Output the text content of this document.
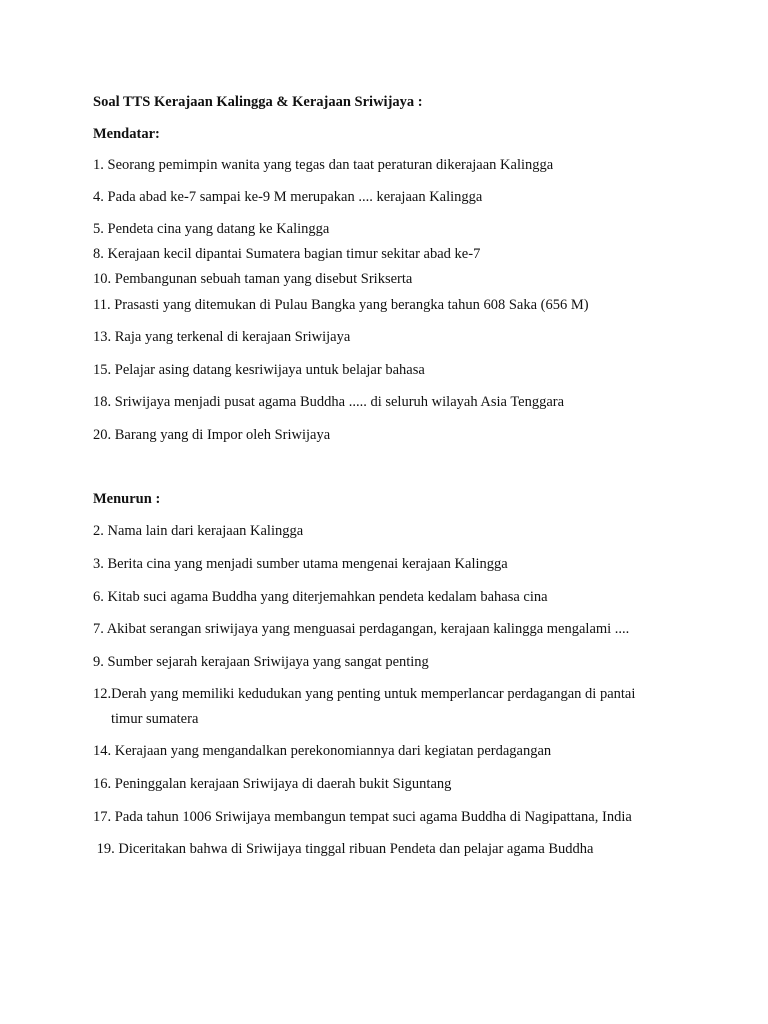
Soal TTS Kerajaan Kalingga & Kerajaan Sriwijaya :
Mendatar:
1. Seorang pemimpin wanita yang tegas dan taat peraturan dikerajaan Kalingga
4. Pada abad ke-7 sampai ke-9 M merupakan .... kerajaan Kalingga
5. Pendeta cina yang datang ke Kalingga
8. Kerajaan kecil dipantai Sumatera bagian timur sekitar abad ke-7
10. Pembangunan sebuah taman yang disebut Srikserta
11. Prasasti yang ditemukan di Pulau Bangka yang berangka tahun 608 Saka (656 M)
13. Raja yang terkenal di kerajaan Sriwijaya
15. Pelajar asing datang kesriwijaya untuk belajar bahasa
18. Sriwijaya menjadi pusat agama Buddha ..... di seluruh wilayah Asia Tenggara
20. Barang yang di Impor oleh Sriwijaya
Menurun :
2. Nama lain dari kerajaan Kalingga
3. Berita cina yang menjadi sumber utama mengenai kerajaan Kalingga
6. Kitab suci agama Buddha yang diterjemahkan pendeta kedalam bahasa cina
7. Akibat serangan sriwijaya yang menguasai perdagangan, kerajaan kalingga mengalami ....
9. Sumber sejarah kerajaan Sriwijaya yang sangat penting
12.Derah yang memiliki kedudukan yang penting untuk memperlancar perdagangan di pantai
timur sumatera
14. Kerajaan yang mengandalkan perekonomiannya dari kegiatan perdagangan
16. Peninggalan kerajaan Sriwijaya di daerah bukit Siguntang
17. Pada tahun 1006 Sriwijaya membangun tempat suci agama Buddha di Nagipattana, India
19. Diceritakan bahwa di Sriwijaya tinggal ribuan Pendeta dan pelajar agama Buddha
